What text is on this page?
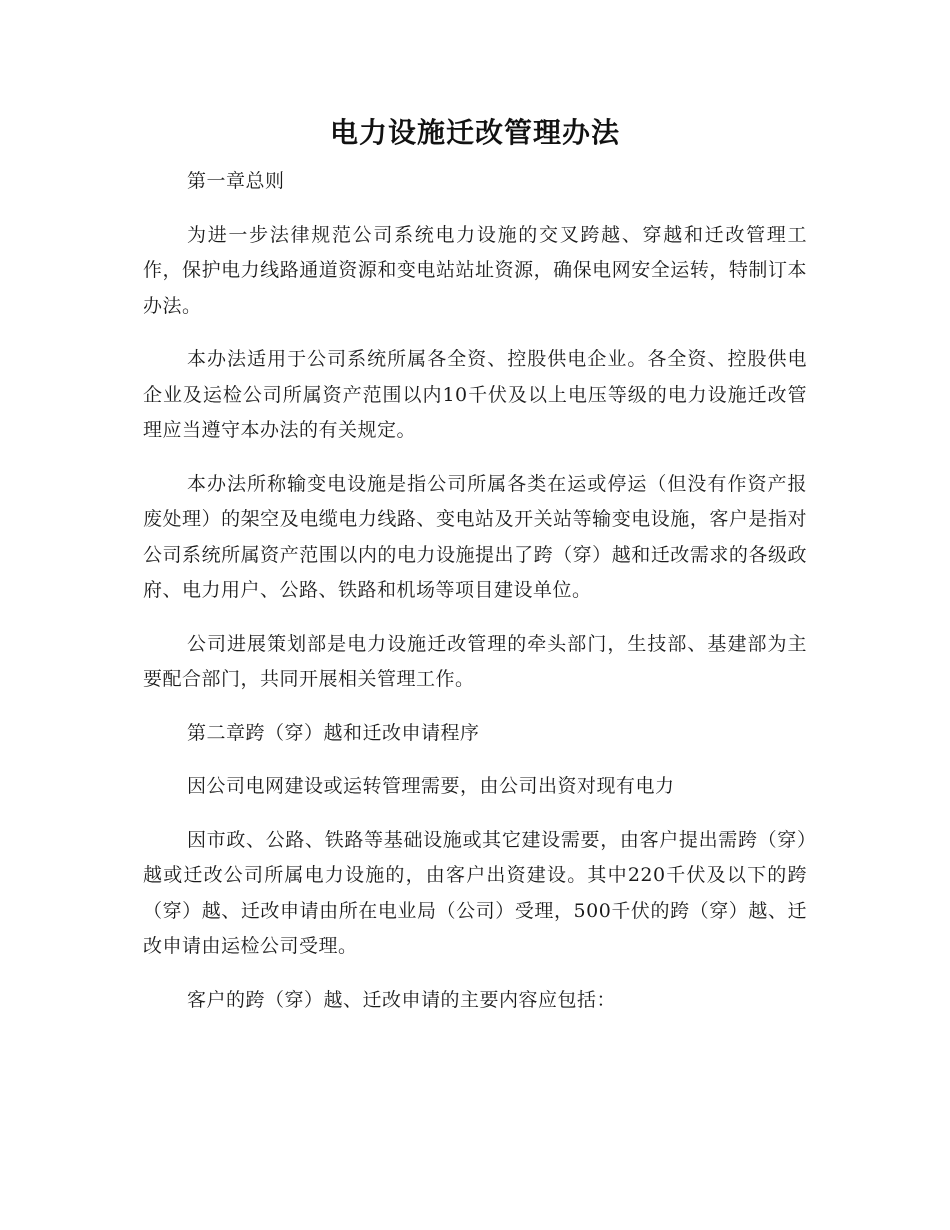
电力设施迁改管理办法

第一章总则

为进一步法律规范公司系统电力设施的交叉跨越、穿越和迁改管理工作，保护电力线路通道资源和变电站站址资源，确保电网安全运转，特制订本办法。

本办法适用于公司系统所属各全资、控股供电企业。各全资、控股供电企业及运检公司所属资产范围以内10千伏及以上电压等级的电力设施迁改管理应当遵守本办法的有关规定。

本办法所称输变电设施是指公司所属各类在运或停运（但没有作资产报废处理）的架空及电缆电力线路、变电站及开关站等输变电设施，客户是指对公司系统所属资产范围以内的电力设施提出了跨（穿）越和迁改需求的各级政府、电力用户、公路、铁路和机场等项目建设单位。

公司进展策划部是电力设施迁改管理的牵头部门，生技部、基建部为主要配合部门，共同开展相关管理工作。

第二章跨（穿）越和迁改申请程序

因公司电网建设或运转管理需要，由公司出资对现有电力

因市政、公路、铁路等基础设施或其它建设需要，由客户提出需跨（穿）越或迁改公司所属电力设施的，由客户出资建设。其中220千伏及以下的跨（穿）越、迁改申请由所在电业局（公司）受理，500千伏的跨（穿）越、迁改申请由运检公司受理。

客户的跨（穿）越、迁改申请的主要内容应包括：
